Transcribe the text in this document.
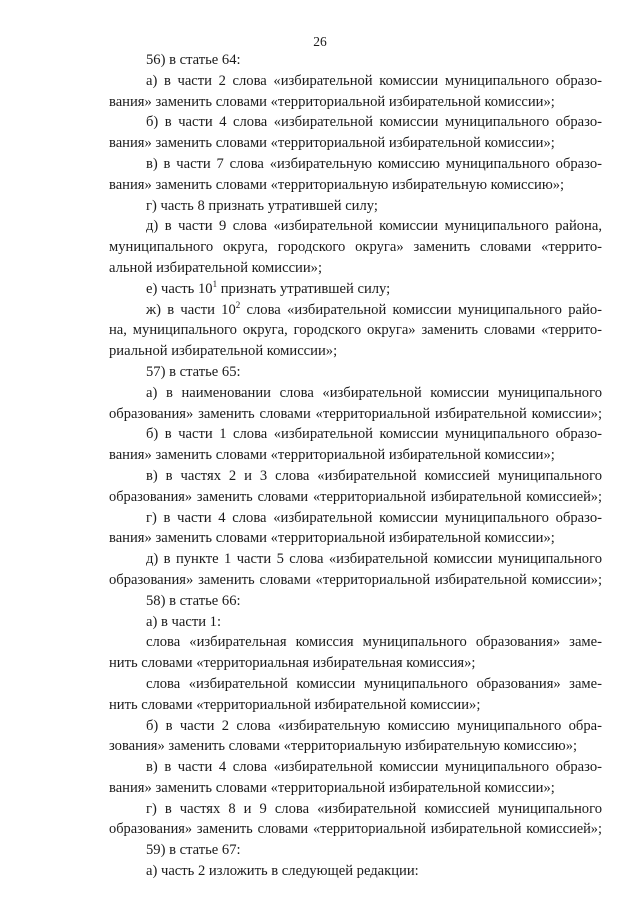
26
56) в статье 64:
а) в части 2 слова «избирательной комиссии муниципального образо-
вания» заменить словами «территориальной избирательной комиссии»;
б) в части 4 слова «избирательной комиссии муниципального образо-
вания» заменить словами «территориальной избирательной комиссии»;
в) в части 7 слова «избирательную комиссию муниципального образо-
вания» заменить словами «территориальную избирательную комиссию»;
г) часть 8 признать утратившей силу;
д) в части 9 слова «избирательной комиссии муниципального района,
муниципального округа, городского округа» заменить словами «террито-
альной избирательной комиссии»;
е) часть $10^1$ признать утратившей силу;
ж) в части $10^2$ слова «избирательной комиссии муниципального райо-
на, муниципального округа, городского округа» заменить словами «террито-
риальной избирательной комиссии»;
57) в статье 65:
а) в наименовании слова «избирательной комиссии муниципального
образования» заменить словами «территориальной избирательной комиссии»;
б) в части 1 слова «избирательной комиссии муниципального образо-
вания» заменить словами «территориальной избирательной комиссии»;
в) в частях 2 и 3 слова «избирательной комиссией муниципального
образования» заменить словами «территориальной избирательной комиссией»;
г) в части 4 слова «избирательной комиссии муниципального образо-
вания» заменить словами «территориальной избирательной комиссии»;
д) в пункте 1 части 5 слова «избирательной комиссии муниципального
образования» заменить словами «территориальной избирательной комиссии»;
58) в статье 66:
а) в части 1:
слова «избирательная комиссия муниципального образования» заме-
нить словами «территориальная избирательная комиссия»;
слова «избирательной комиссии муниципального образования» заме-
нить словами «территориальной избирательной комиссии»;
б) в части 2 слова «избирательную комиссию муниципального обра-
зования» заменить словами «территориальную избирательную комиссию»;
в) в части 4 слова «избирательной комиссии муниципального образо-
вания» заменить словами «территориальной избирательной комиссии»;
г) в частях 8 и 9 слова «избирательной комиссией муниципального
образования» заменить словами «территориальной избирательной комиссией»;
59) в статье 67:
а) часть 2 изложить в следующей редакции:
